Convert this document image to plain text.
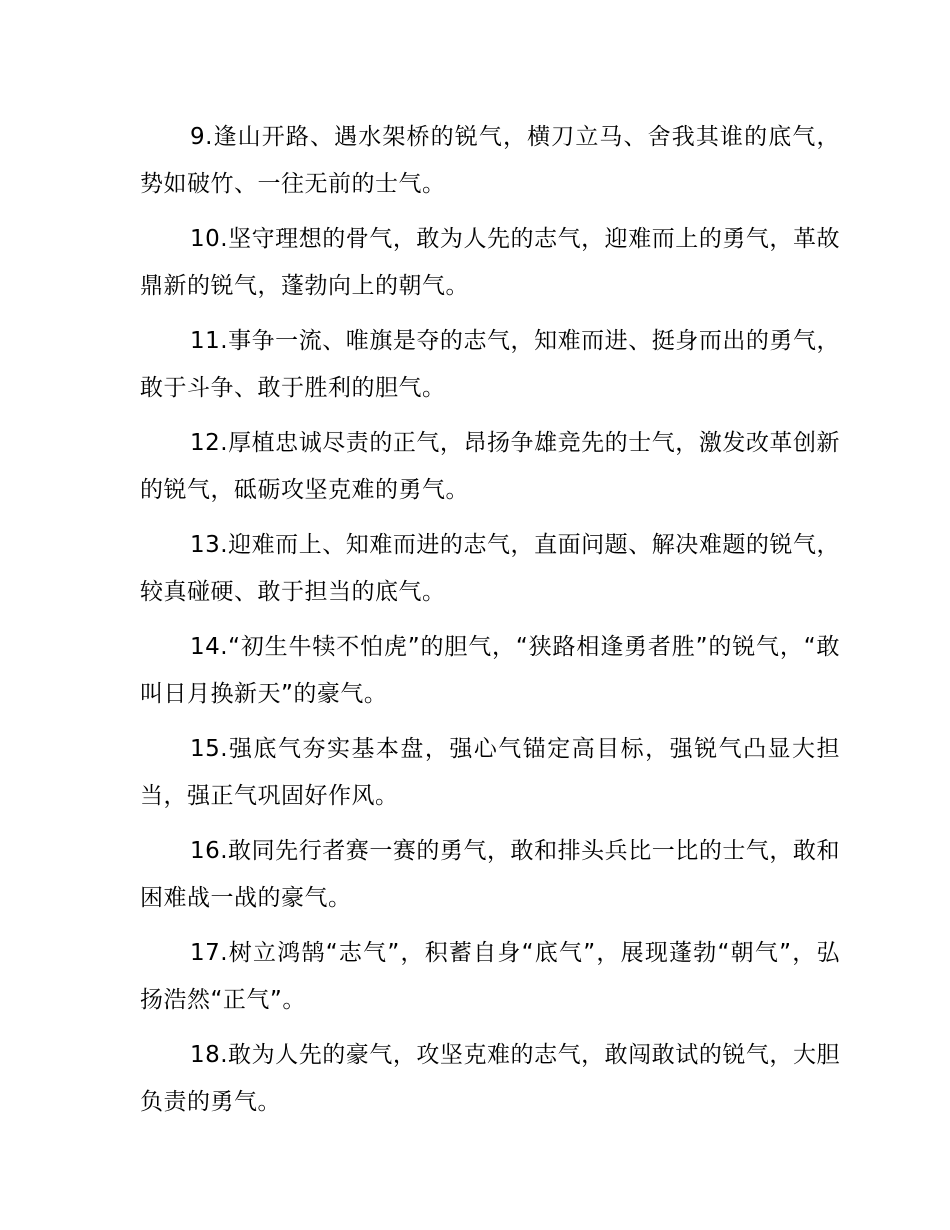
9.逢山开路、遇水架桥的锐气，横刀立马、舍我其谁的底气，势如破竹、一往无前的士气。

10.坚守理想的骨气，敢为人先的志气，迎难而上的勇气，革故鼎新的锐气，蓬勃向上的朝气。

11.事争一流、唯旗是夺的志气，知难而进、挺身而出的勇气，敢于斗争、敢于胜利的胆气。

12.厚植忠诚尽责的正气，昂扬争雄竞先的士气，激发改革创新的锐气，砥砺攻坚克难的勇气。

13.迎难而上、知难而进的志气，直面问题、解决难题的锐气，较真碰硬、敢于担当的底气。

14.“初生牛犊不怕虎”的胆气，“狭路相逢勇者胜”的锐气，“敢叫日月换新天”的豪气。

15.强底气夯实基本盘，强心气锚定高目标，强锐气凸显大担当，强正气巩固好作风。

16.敢同先行者赛一赛的勇气，敢和排头兵比一比的士气，敢和困难战一战的豪气。

17.树立鸿鹄“志气”，积蓄自身“底气”，展现蓬勃“朝气”，弘扬浩然“正气”。

18.敢为人先的豪气，攻坚克难的志气，敢闯敢试的锐气，大胆负责的勇气。
